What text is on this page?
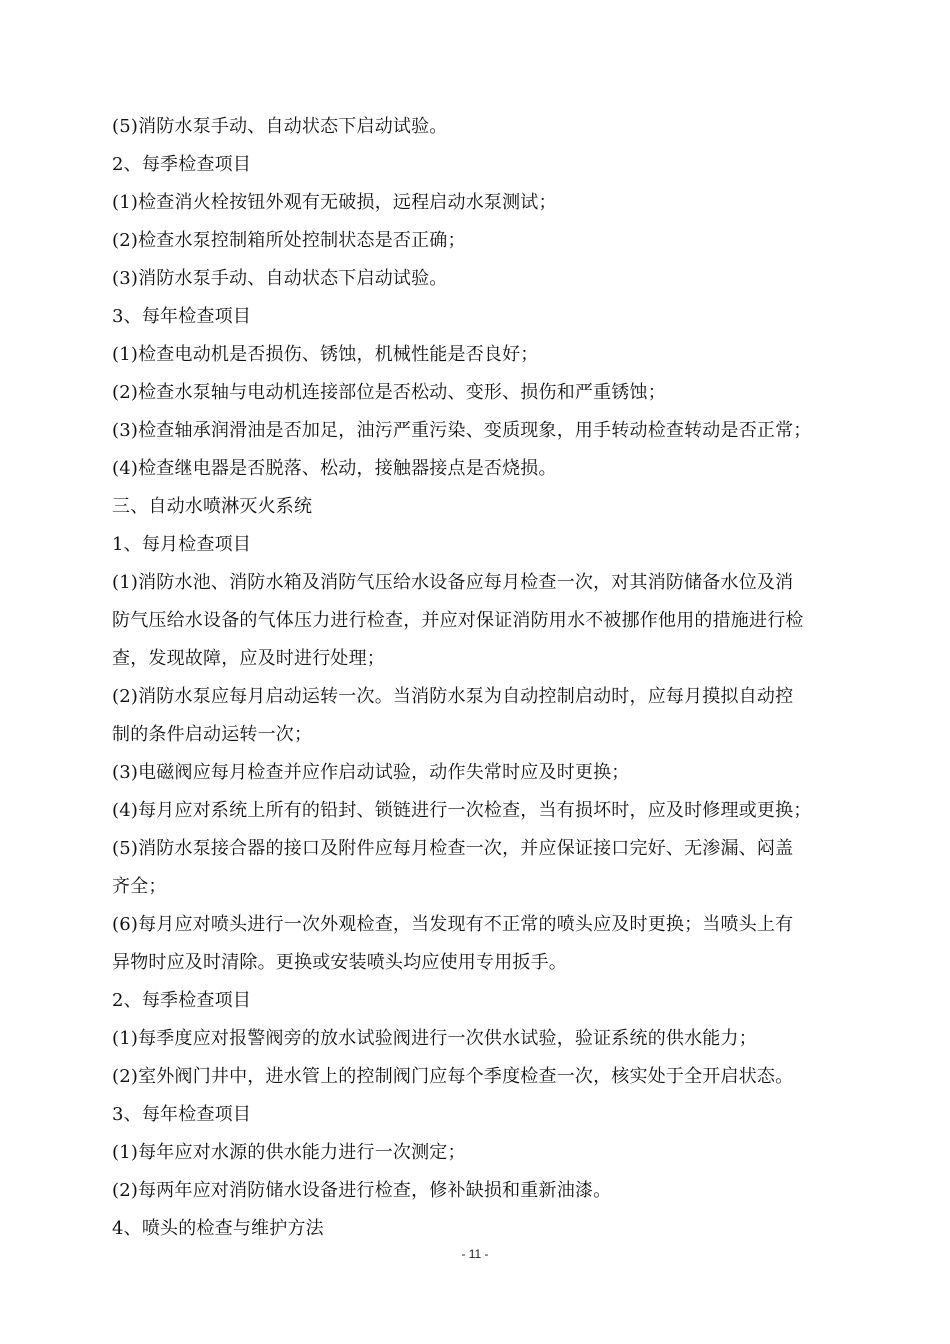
(5)消防水泵手动、自动状态下启动试验。
2、每季检查项目
(1)检查消火栓按钮外观有无破损，远程启动水泵测试；
(2)检查水泵控制箱所处控制状态是否正确；
(3)消防水泵手动、自动状态下启动试验。
3、每年检查项目
(1)检查电动机是否损伤、锈蚀，机械性能是否良好；
(2)检查水泵轴与电动机连接部位是否松动、变形、损伤和严重锈蚀；
(3)检查轴承润滑油是否加足，油污严重污染、变质现象，用手转动检查转动是否正常；
(4)检查继电器是否脱落、松动，接触器接点是否烧损。
三、自动水喷淋灭火系统
1、每月检查项目
(1)消防水池、消防水箱及消防气压给水设备应每月检查一次，对其消防储备水位及消
防气压给水设备的气体压力进行检查，并应对保证消防用水不被挪作他用的措施进行检
查，发现故障，应及时进行处理；
(2)消防水泵应每月启动运转一次。当消防水泵为自动控制启动时，应每月摸拟自动控
制的条件启动运转一次；
(3)电磁阀应每月检查并应作启动试验，动作失常时应及时更换；
(4)每月应对系统上所有的铅封、锁链进行一次检查，当有损坏时，应及时修理或更换；
(5)消防水泵接合器的接口及附件应每月检查一次，并应保证接口完好、无渗漏、闷盖
齐全；
(6)每月应对喷头进行一次外观检查，当发现有不正常的喷头应及时更换；当喷头上有
异物时应及时清除。更换或安装喷头均应使用专用扳手。
2、每季检查项目
(1)每季度应对报警阀旁的放水试验阀进行一次供水试验，验证系统的供水能力；
(2)室外阀门井中，进水管上的控制阀门应每个季度检查一次，核实处于全开启状态。
3、每年检查项目
(1)每年应对水源的供水能力进行一次测定；
(2)每两年应对消防储水设备进行检查，修补缺损和重新油漆。
4、喷头的检查与维护方法
- 11 -
